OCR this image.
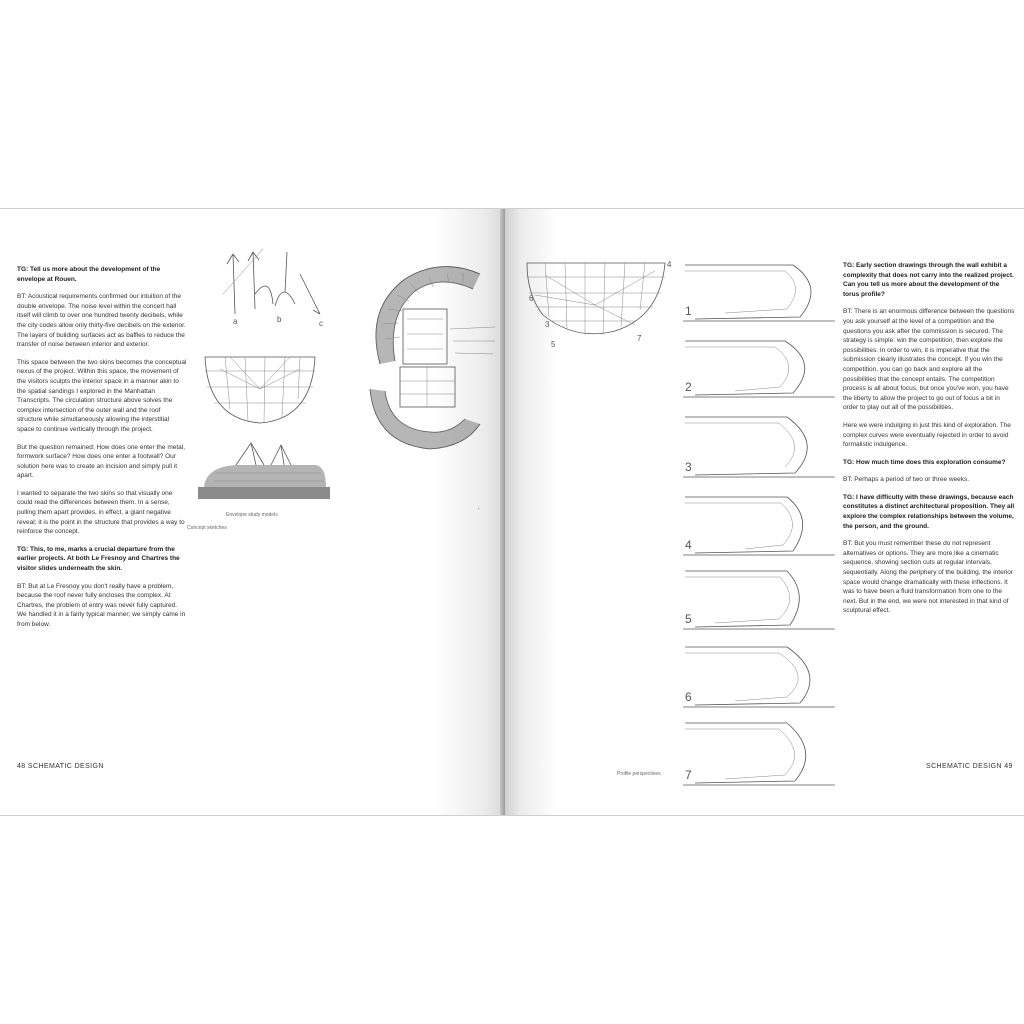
TG: Tell us more about the development of the envelope at Rouen.

BT: Acoustical requirements confirmed our intuition of the double envelope. The noise level within the concert hall itself will climb to over one hundred twenty decibels, while the city codes allow only thirty-five decibels on the exterior. The layers of building surfaces act as baffles to reduce the transfer of noise between interior and exterior.

This space between the two skins becomes the conceptual nexus of the project. Within this space, the movement of the visitors sculpts the interior space in a manner akin to the spatial sandings I explored in the Manhattan Transcripts. The circulation structure above solves the complex intersection of the outer wall and the roof structure while simultaneously allowing the interstitial space to continue vertically through the project.

But the question remained: How does one enter the metal, formwork surface? How does one enter a footwall? Our solution here was to create an incision and simply pull it apart.

I wanted to separate the two skins so that visually one could read the differences between them. In a sense, pulling them apart provides, in effect, a giant negative reveal; it is the point in the structure that provides a way to reinforce the concept.

TG: This, to me, marks a crucial departure from the earlier projects. At both Le Fresnoy and Chartres the visitor slides underneath the skin.

BT: But at Le Fresnoy you don't really have a problem, because the roof never fully encloses the complex. At Chartres, the problem of entry was never fully captured. We handled it in a fairly typical manner; we simply came in from below.

a	b	c
Envelope study models
Concept sketches
‹
48 SCHEMATIC DESIGN
4
6
3
5
7
1
2
3
4
5
6
7
Profile perspectives

TG: Early section drawings through the wall exhibit a complexity that does not carry into the realized project. Can you tell us more about the development of the torus profile?

BT: There is an enormous difference between the questions you ask yourself at the level of a competition and the questions you ask after the commission is secured. The strategy is simple: win the competition, then explore the possibilities. In order to win, it is imperative that the submission clearly illustrates the concept. If you win the competition, you can go back and explore all the possibilities that the concept entails. The competition process is all about focus, but once you've won, you have the liberty to allow the project to go out of focus a bit in order to play out all of the possibilities.

Here we were indulging in just this kind of exploration. The complex curves were eventually rejected in order to avoid formalistic indulgence.

TG: How much time does this exploration consume?

BT: Perhaps a period of two or three weeks.

TG: I have difficulty with these drawings, because each constitutes a distinct architectural proposition. They all explore the complex relationships between the volume, the person, and the ground.

BT: But you must remember these do not represent alternatives or options. They are more like a cinematic sequence, showing section cuts at regular intervals, sequentially. Along the periphery of the building, the interior space would change dramatically with these inflections. It was to have been a fluid transformation from one to the next. But in the end, we were not interested in that kind of sculptural effect.

SCHEMATIC DESIGN 49
